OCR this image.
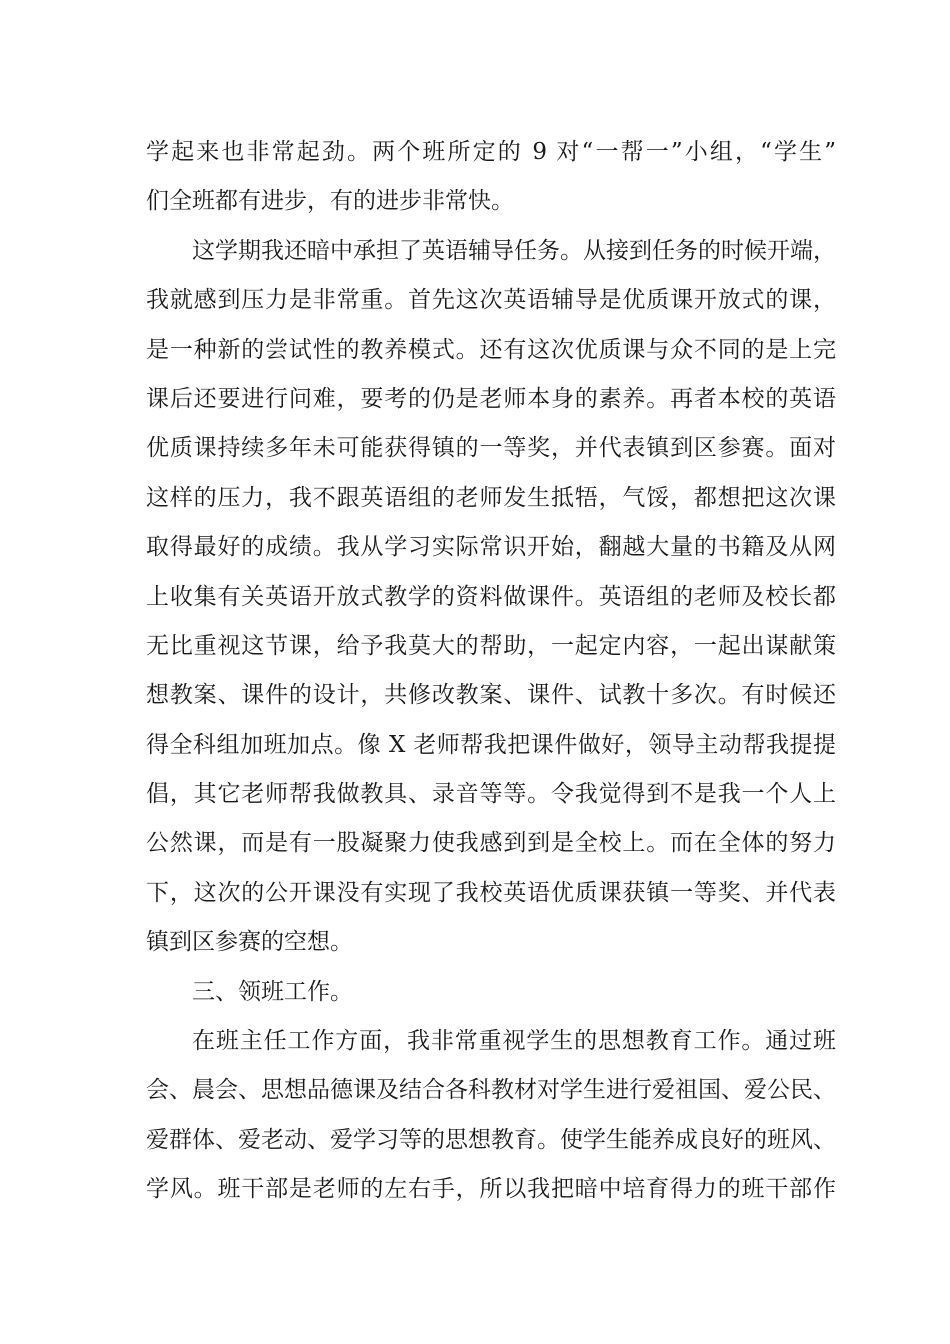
学起来也非常起劲。两个班所定的 9 对“一帮一”小组，“学生”
们全班都有进步，有的进步非常快。
这学期我还暗中承担了英语辅导任务。从接到任务的时候开端，
我就感到压力是非常重。首先这次英语辅导是优质课开放式的课，
是一种新的尝试性的教养模式。还有这次优质课与众不同的是上完
课后还要进行问难，要考的仍是老师本身的素养。再者本校的英语
优质课持续多年未可能获得镇的一等奖，并代表镇到区参赛。面对
这样的压力，我不跟英语组的老师发生抵牾，气馁，都想把这次课
取得最好的成绩。我从学习实际常识开始，翻越大量的书籍及从网
上收集有关英语开放式教学的资料做课件。英语组的老师及校长都
无比重视这节课，给予我莫大的帮助，一起定内容，一起出谋献策
想教案、课件的设计，共修改教案、课件、试教十多次。有时候还
得全科组加班加点。像 X 老师帮我把课件做好，领导主动帮我提提
倡，其它老师帮我做教具、录音等等。令我觉得到不是我一个人上
公然课，而是有一股凝聚力使我感到到是全校上。而在全体的努力
下，这次的公开课没有实现了我校英语优质课获镇一等奖、并代表
镇到区参赛的空想。
三、领班工作。
在班主任工作方面，我非常重视学生的思想教育工作。通过班
会、晨会、思想品德课及结合各科教材对学生进行爱祖国、爱公民、
爱群体、爱老动、爱学习等的思想教育。使学生能养成良好的班风、
学风。班干部是老师的左右手，所以我把暗中培育得力的班干部作
